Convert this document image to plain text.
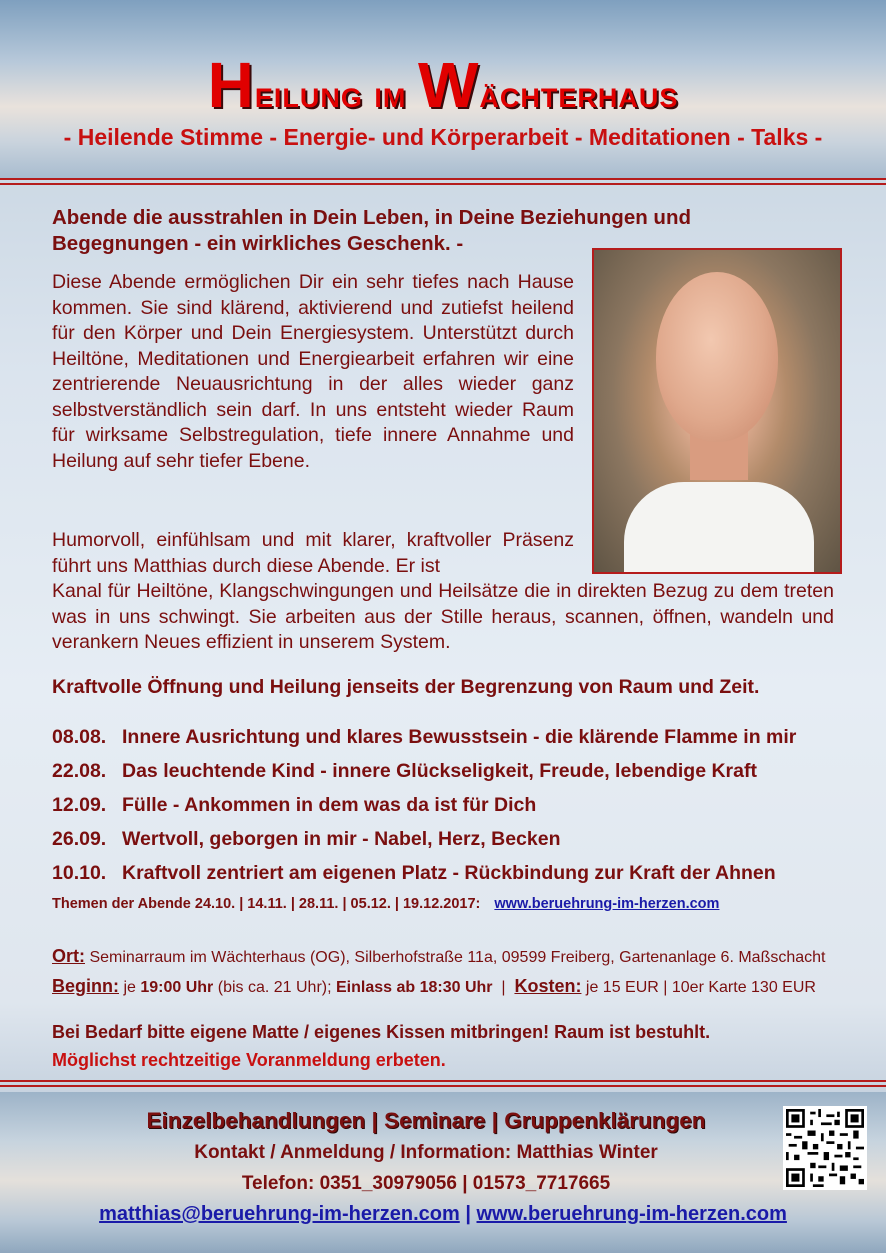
Heilung im Wächterhaus
- Heilende Stimme - Energie- und Körperarbeit - Meditationen - Talks -
Abende die ausstrahlen in Dein Leben, in Deine Beziehungen und Begegnungen - ein wirkliches Geschenk. -
Diese Abende ermöglichen Dir ein sehr tiefes nach Hause kommen. Sie sind klärend, aktivierend und zutiefst heilend für den Körper und Dein Energiesystem. Unterstützt durch Heiltöne, Meditationen und Energiearbeit erfahren wir eine zentrierende Neuausrichtung in der alles wieder ganz selbstverständlich sein darf. In uns entsteht wieder Raum für wirksame Selbstregulation, tiefe innere Annahme und Heilung auf sehr tiefer Ebene.
Humorvoll, einfühlsam und mit klarer, kraftvoller Präsenz führt uns Matthias durch diese Abende. Er ist
Kanal für Heiltöne, Klangschwingungen und Heilsätze die in direkten Bezug zu dem treten was in uns schwingt. Sie arbeiten aus der Stille heraus, scannen, öffnen, wandeln und verankern Neues effizient in unserem System.
Kraftvolle Öffnung und Heilung jenseits der Begrenzung von Raum und Zeit.
08.08. Innere Ausrichtung und klares Bewusstsein - die klärende Flamme in mir
22.08. Das leuchtende Kind - innere Glückseligkeit, Freude, lebendige Kraft
12.09. Fülle - Ankommen in dem was da ist für Dich
26.09. Wertvoll, geborgen in mir - Nabel, Herz, Becken
10.10. Kraftvoll zentriert am eigenen Platz - Rückbindung zur Kraft der Ahnen
Themen der Abende 24.10. | 14.11. | 28.11. | 05.12. | 19.12.2017: www.beruehrung-im-herzen.com
Ort: Seminarraum im Wächterhaus (OG), Silberhofstraße 11a, 09599 Freiberg, Gartenanlage 6. Maßschacht
Beginn: je 19:00 Uhr (bis ca. 21 Uhr); Einlass ab 18:30 Uhr | Kosten: je 15 EUR | 10er Karte 130 EUR
Bei Bedarf bitte eigene Matte / eigenes Kissen mitbringen! Raum ist bestuhlt.
Möglichst rechtzeitige Voranmeldung erbeten.
Einzelbehandlungen | Seminare | Gruppenklärungen
Kontakt / Anmeldung / Information: Matthias Winter
Telefon: 0351_30979056 | 01573_7717665
matthias@beruehrung-im-herzen.com | www.beruehrung-im-herzen.com
